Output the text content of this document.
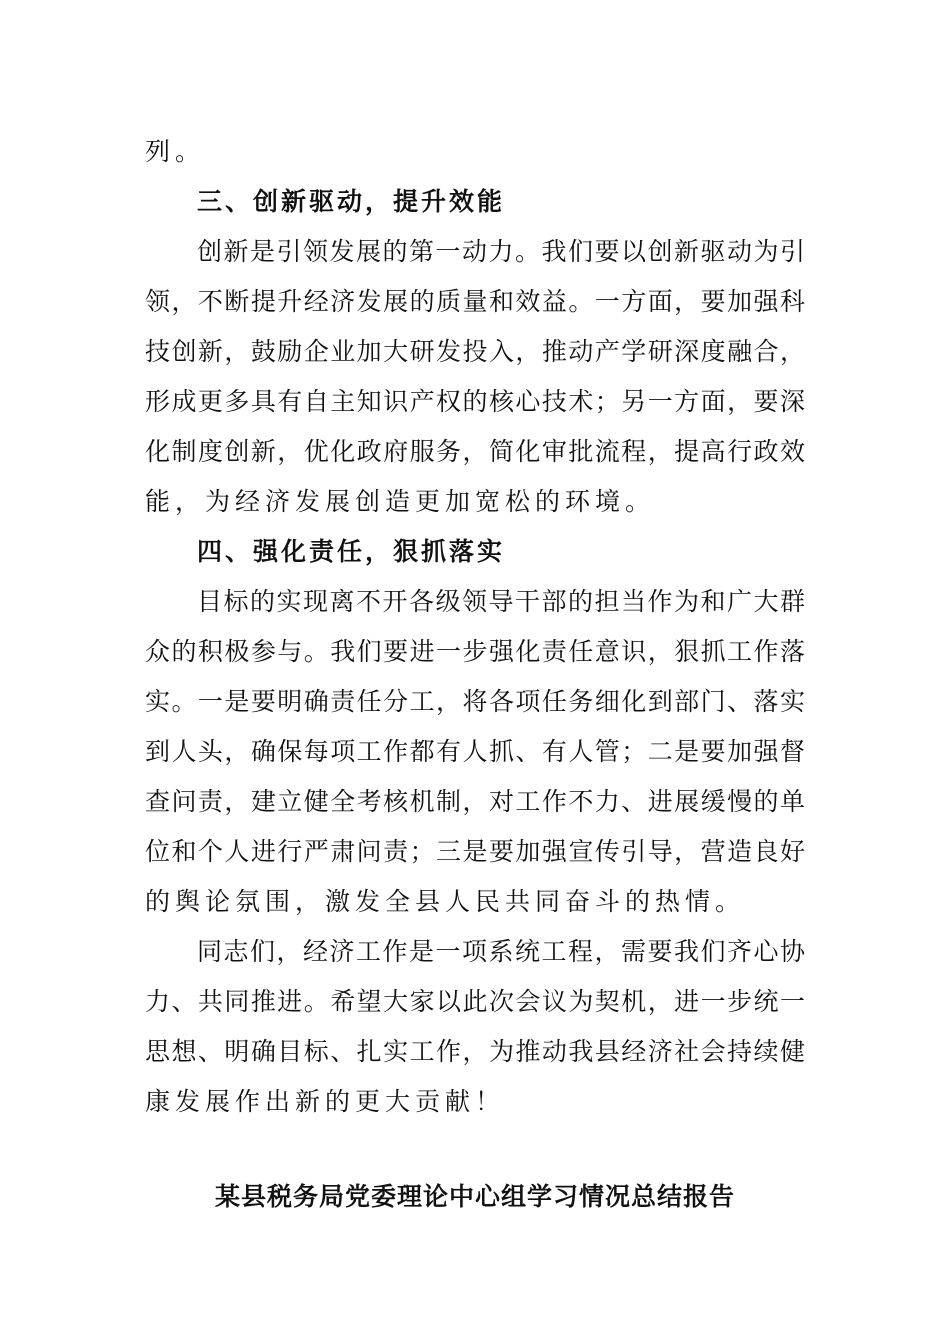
列。
三、创新驱动，提升效能
创新是引领发展的第一动力。我们要以创新驱动为引
领，不断提升经济发展的质量和效益。一方面，要加强科
技创新，鼓励企业加大研发投入，推动产学研深度融合，
形成更多具有自主知识产权的核心技术；另一方面，要深
化制度创新，优化政府服务，简化审批流程，提高行政效
能，为经济发展创造更加宽松的环境。
四、强化责任，狠抓落实
目标的实现离不开各级领导干部的担当作为和广大群
众的积极参与。我们要进一步强化责任意识，狠抓工作落
实。一是要明确责任分工，将各项任务细化到部门、落实
到人头，确保每项工作都有人抓、有人管；二是要加强督
查问责，建立健全考核机制，对工作不力、进展缓慢的单
位和个人进行严肃问责；三是要加强宣传引导，营造良好
的舆论氛围，激发全县人民共同奋斗的热情。
同志们，经济工作是一项系统工程，需要我们齐心协
力、共同推进。希望大家以此次会议为契机，进一步统一
思想、明确目标、扎实工作，为推动我县经济社会持续健
康发展作出新的更大贡献！
某县税务局党委理论中心组学习情况总结报告
